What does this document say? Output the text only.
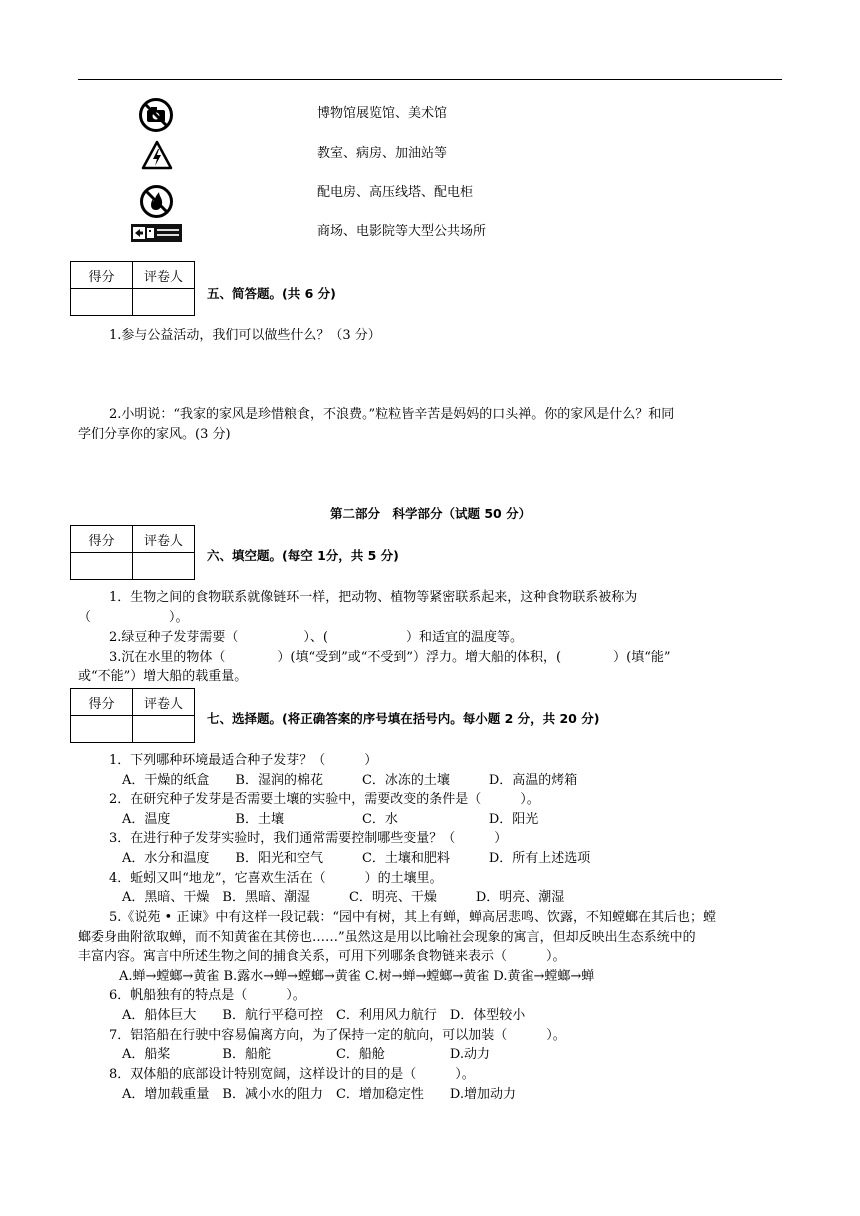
博物馆展览馆、美术馆
教室、病房、加油站等
配电房、高压线塔、配电柜
商场、电影院等大型公共场所
得分	评卷人

五、简答题。(共 6 分)
1.参与公益活动，我们可以做些什么？（3 分）
2.小明说：“我家的家风是珍惜粮食，不浪费。”粒粒皆辛苦是妈妈的口头禅。你的家风是什么？和同
学们分享你的家风。(3 分)
第二部分　科学部分（试题 50 分）
得分	评卷人

六、填空题。(每空 1分，共 5 分)
1．生物之间的食物联系就像链环一样，把动物、植物等紧密联系起来，这种食物联系被称为
（　　　　　　）。
2.绿豆种子发芽需要（　　　　　）、(　　　　　　）和适宜的温度等。
3.沉在水里的物体（　　　　）(填“受到”或“不受到”）浮力。增大船的体积，(　　　　）(填“能”
或“不能”）增大船的载重量。
得分	评卷人

七、选择题。(将正确答案的序号填在括号内。每小题 2 分，共 20 分)
1．下列哪种环境最适合种子发芽？（　　　）
A．干燥的纸盒　　B．湿润的棉花　　　C．冰冻的土壤　　　D．高温的烤箱
2．在研究种子发芽是否需要土壤的实验中，需要改变的条件是（　　　）。
A．温度　　　　　B．土壤　　　　　　C．水　　　　　　　D．阳光
3．在进行种子发芽实验时，我们通常需要控制哪些变量？（　　　）
A．水分和温度　　B．阳光和空气　　　C．土壤和肥料　　　D．所有上述选项
4．蚯蚓又叫“地龙”，它喜欢生活在（　　　）的土壤里。
A．黑暗、干燥　B．黑暗、潮湿　　　C．明亮、干燥　　　D．明亮、潮湿
5.《说苑 • 正谏》中有这样一段记载：“园中有树，其上有蝉，蝉高居悲鸣、饮露，不知螳螂在其后也；螳
螂委身曲附欲取蝉，而不知黄雀在其傍也……”虽然这是用以比喻社会现象的寓言，但却反映出生态系统中的
丰富内容。寓言中所述生物之间的捕食关系，可用下列哪条食物链来表示（　　　）。
A.蝉→螳螂→黄雀 B.露水→蝉→螳螂→黄雀 C.树→蝉→螳螂→黄雀 D.黄雀→螳螂→蝉
6．帆船独有的特点是（　　　）。
A．船体巨大　　B．航行平稳可控　C．利用风力航行　D．体型较小
7．铝箔船在行驶中容易偏离方向，为了保持一定的航向，可以加装（　　　）。
A．船桨　　　　B．船舵　　　　　C．船舱　　　　　D.动力
8．双体船的底部设计特别宽阔，这样设计的目的是（　　　）。
A．增加载重量　B．减小水的阻力　C．增加稳定性　　D.增加动力
